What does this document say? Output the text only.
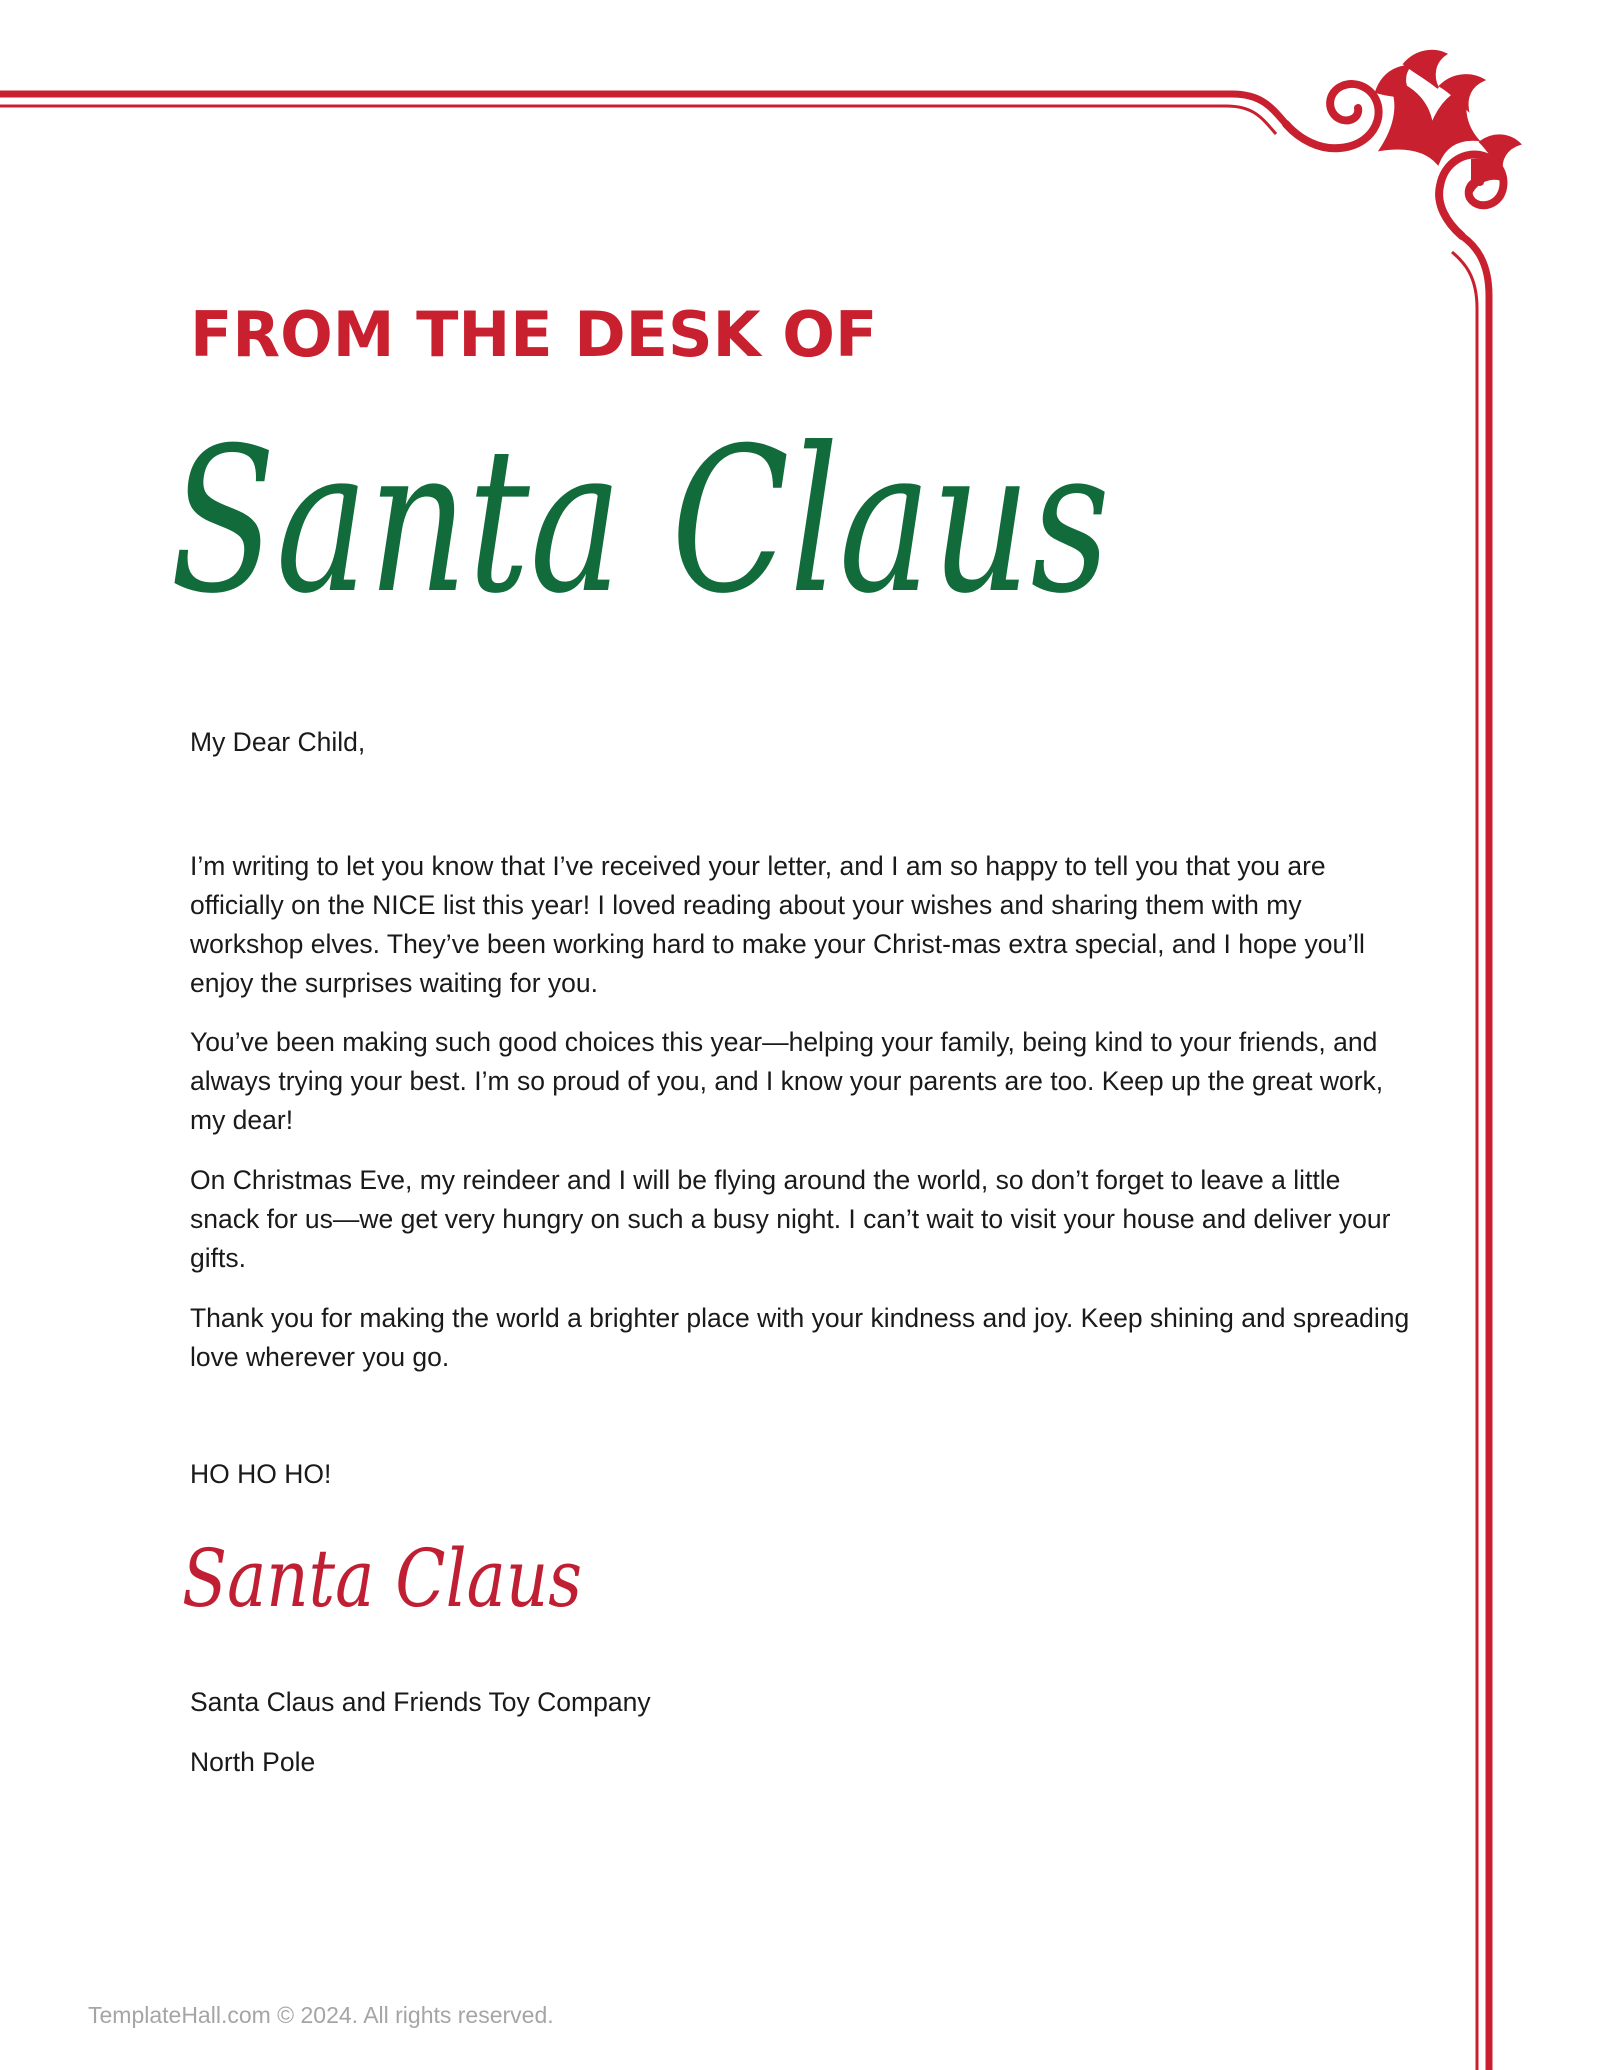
FROM THE DESK OF
Santa Claus

My Dear Child,

I’m writing to let you know that I’ve received your letter, and I am so happy to tell you that you are officially on the NICE list this year! I loved reading about your wishes and sharing them with my workshop elves. They’ve been working hard to make your Christ-mas extra special, and I hope you’ll enjoy the surprises waiting for you.

You’ve been making such good choices this year—helping your family, being kind to your friends, and always trying your best. I’m so proud of you, and I know your parents are too. Keep up the great work, my dear!

On Christmas Eve, my reindeer and I will be flying around the world, so don’t forget to leave a little snack for us—we get very hungry on such a busy night. I can’t wait to visit your house and deliver your gifts.

Thank you for making the world a brighter place with your kindness and joy. Keep shining and spreading love wherever you go.

HO HO HO!

Santa Claus

Santa Claus and Friends Toy Company

North Pole

TemplateHall.com © 2024. All rights reserved.
